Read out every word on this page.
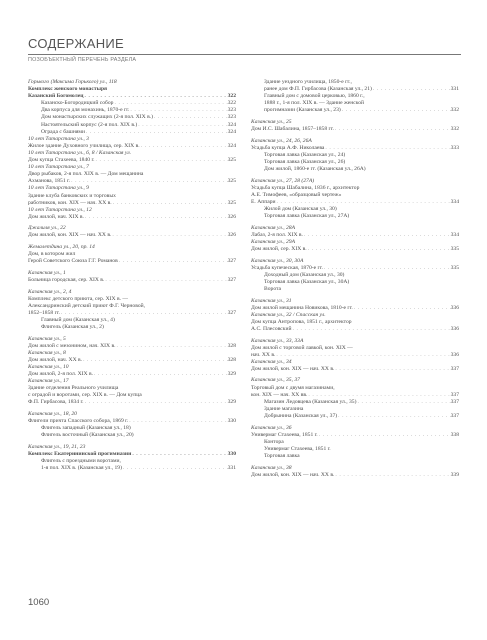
СОДЕРЖАНИЕ
ПОЗОБЪЕКТНЫЙ ПЕРЕЧЕНЬ РАЗДЕЛА
Горького (Максима Горького) ул., 118
Комплекс женского монастыря
Казанский Богомолец . . .	322
Казанско-Богородицкий собор . . .	322
Два корпуса для монахинь, 1870-е гг. . . .	323
Дом монастырских служащих (2-я пол. XIX в.) . . .	323
Настоятельский корпус (2-я пол. XIX в.) . . .	324
Ограда с башнями . . .	324
10 лет Татарстана ул., 3
Жилое здание Духовного училища, сер. XIX в. . . .	324
10 лет Татарстана ул., 6, 8 / Казанская ул.
Дом купца Стахеева, 1840 г. . . .	325
10 лет Татарстана ул., 7
Двор рыбаков, 2-я пол. XIX в. — Дом мещанина
Ахманова, 1851 г. . . .	325
10 лет Татарстана ул., 9
Здание клуба банковских и торговых
работников, кон. XIX — нач. XX в. . . .	325
10 лет Татарстана ул., 12
Дом жилой, нач. XIX в. . . .	326
Джалиля ул., 22
Дом жилой, кон. XIX — нач. XX в. . . .	326
Жемалетдина ул., 20, пр. 14
Дом, в котором жил
Герой Советского Союза Г.Г. Романов . . .	327
Казанская ул., 1
Больница городская, сер. XIX в. . . .	327
Казанская ул., 2, 4
Комплекс детского приюта, сер. XIX в. —
Александринский детский приют Ф.Г. Черновой,
1852–1858 гг. . . .	327
Главный дом (Казанская ул., 4)
Флигель (Казанская ул., 2)
Казанская ул., 5
Дом жилой с мезонином, нач. XIX в. . . .	328
Казанская ул., 8
Дом жилой, нач. XX в. . . .	328
Казанская ул., 10
Дом жилой, 2-я пол. XIX в. . . .	329
Казанская ул., 17
Здание отделения Реального училища
с оградой и воротами, сер. XIX в. — Дом купца
Ф.П. Гирбасова, 1834 г. . . .	329
Казанская ул., 18, 20
Флигели причта Спасского собора, 1869 г. . . .	330
Флигель западный (Казанская ул., 18)
Флигель восточный (Казанская ул., 20)
Казанская ул., 19, 21, 23
Комплекс Екатерининской прогимназии . . .	330
Флигель с проездными воротами,
1-я пол. XIX в. (Казанская ул., 19) . . .	331
Здание уездного училища, 1850-е гг.,
ранее дом Ф.П. Гирбасова (Казанская ул., 21) . . .	331
Главный дом с домовой церковью, 1860 г.,
1888 г., 1-я пол. XIX в. — Здание женской
прогимназии (Казанская ул., 23) . . .	332
Казанская ул., 25
Дом И.С. Шабалина, 1857–1858 гг. . . .	332
Казанская ул., 24, 26, 26А
Усадьба купца А.Ф. Николаева . . .	333
Торговая лавка (Казанская ул., 24)
Торговая лавка (Казанская ул., 26)
Дом жилой, 1860-е гг. (Казанская ул., 26А)
Казанская ул., 27, 28 (27А)
Усадьба купца Шабалина, 1836 г., архитектор
А.Е. Тимофеев, «образцовый чертеж»
Е. Аппари . . .	334
Жилой дом (Казанская ул., 30)
Торговая лавка (Казанская ул., 27А)
Казанская ул., 28А
Лабаз, 2-я пол. XIX в. . . .	334
Казанская ул., 29А
Дом жилой, сер. XIX в. . . .	335
Казанская ул., 30, 30А
Усадьба купеческая, 1870-е гг. . . .	335
Доходный дом (Казанская ул., 30)
Торговая лавка (Казанская ул., 30А)
Ворота
Казанская ул., 31
Дом жилой мещанина Новикова, 1810-е гг. . . .	336
Казанская ул., 32 / Спасская ул.
Дом купца Антропова, 1851 г., архитектор
А.С. Плесовский . . .	336
Казанская ул., 33, 33А
Дом жилой с торговой лавкой, кон. XIX —
нач. XX в. . . .	336
Казанская ул., 34
Дом жилой, кон. XIX — нач. XX в. . . .	337
Казанская ул., 35, 37
Торговый дом с двумя магазинами,
кон. XIX — нач. XX вв. . . .	337
Магазин Ледовцева (Казанская ул., 35) . . .	337
Здание магазина
Добрынина (Казанская ул., 37) . . .	337
Казанская ул., 36
Универмаг Стахеева, 1851 г. . . .	338
Контора
Универмаг Стахеева, 1851 г.
Торговая лавка
Казанская ул., 38
Дом жилой, кон. XIX — нач. XX в. . . .	339
1060
